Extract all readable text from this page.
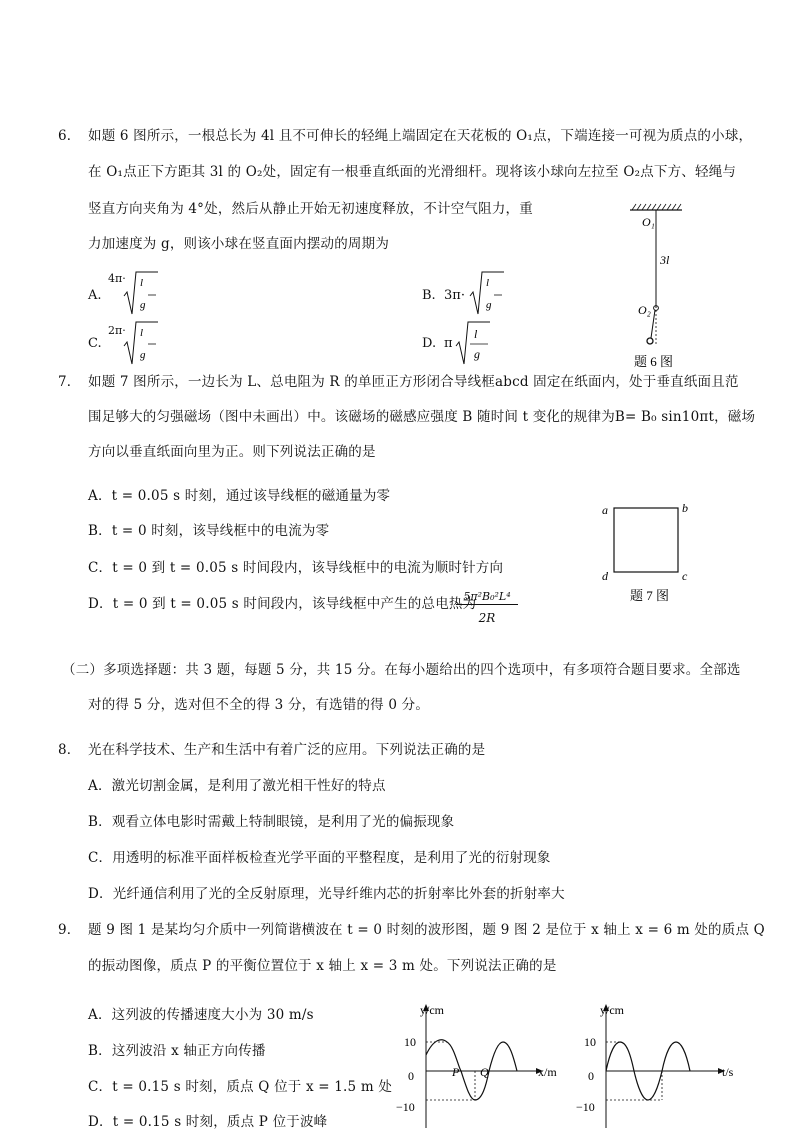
6． 如题 6 图所示，一根总长为 4l 且不可伸长的轻绳上端固定在天花板的 O₁点，下端连接一可视为质点的小球，
在 O₁点正下方距其 3l 的 O₂处，固定有一根垂直纸面的光滑细杆。现将该小球向左拉至 O₂点下方、轻绳与
竖直方向夹角为 4°处，然后从静止开始无初速度释放，不计空气阻力，重
力加速度为 g，则该小球在竖直面内摆动的周期为
A.
4π· l
g
B. 3π·
l
g
C.
2π· l
g
D. π
l
g
O₁
3l
O₂
题 6 图
7． 如题 7 图所示，一边长为 L、总电阻为 R 的单匝正方形闭合导线框abcd 固定在纸面内，处于垂直纸面且范
围足够大的匀强磁场（图中未画出）中。该磁场的磁感应强度 B 随时间 t 变化的规律为B= B₀ sin10πt，磁场
方向以垂直纸面向里为正。则下列说法正确的是
A．t = 0.05 s 时刻，通过该导线框的磁通量为零
B．t = 0 时刻，该导线框中的电流为零
C．t = 0 到 t = 0.05 s 时间段内，该导线框中的电流为顺时针方向
D．t = 0 到 t = 0.05 s 时间段内，该导线框中产生的总电热为
5π²B₀²L⁴
2R
a	b
c
d
题 7 图
（二）多项选择题：共 3 题，每题 5 分，共 15 分。在每小题给出的四个选项中，有多项符合题目要求。全部选
对的得 5 分，选对但不全的得 3 分，有选错的得 0 分。
8． 光在科学技术、生产和生活中有着广泛的应用。下列说法正确的是
A．激光切割金属，是利用了激光相干性好的特点
B．观看立体电影时需戴上特制眼镜，是利用了光的偏振现象
C．用透明的标准平面样板检查光学平面的平整程度，是利用了光的衍射现象
D．光纤通信利用了光的全反射原理，光导纤维内芯的折射率比外套的折射率大
9． 题 9 图 1 是某均匀介质中一列简谐横波在 t = 0 时刻的波形图，题 9 图 2 是位于 x 轴上 x = 6 m 处的质点 Q
的振动图像，质点 P 的平衡位置位于 x 轴上 x = 3 m 处。下列说法正确的是
A．这列波的传播速度大小为 30 m/s
B．这列波沿 x 轴正方向传播
C．t = 0.15 s 时刻，质点 Q 位于 x = 1.5 m 处
D．t = 0.15 s 时刻，质点 P 位于波峰
y/cm
x/m
10
0
−10
P Q
y/cm
t/s
10
0
−10
